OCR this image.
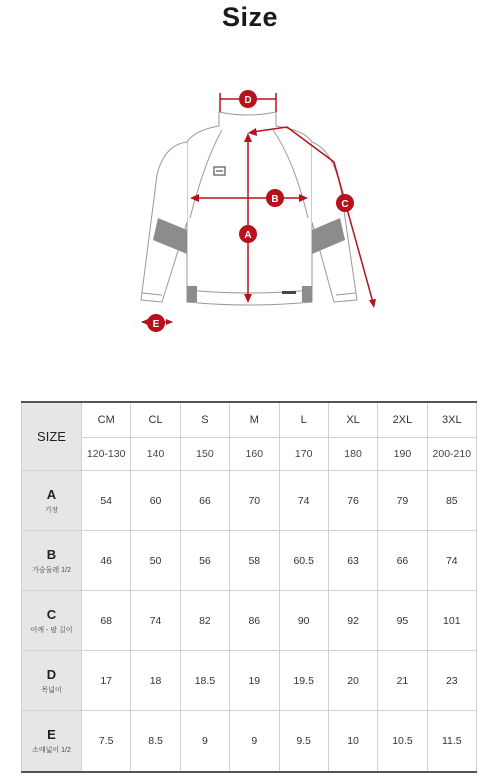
Size
D
A
B	C
E
SIZE	CM	CL	S	M	L	XL	2XL	3XL
	120-130	140	150	160	170	180	190	200-210

A
기장	54	60	66	70	74	76	79	85

B
가슴둘레 1/2	46	50	56	58	60.5	63	66	74

C
어깨 - 팔 길이	68	74	82	86	90	92	95	101

D
목넓이	17	18	18.5	19	19.5	20	21	23

E
소매넓이 1/2	7.5	8.5	9	9	9.5	10	10.5	11.5
